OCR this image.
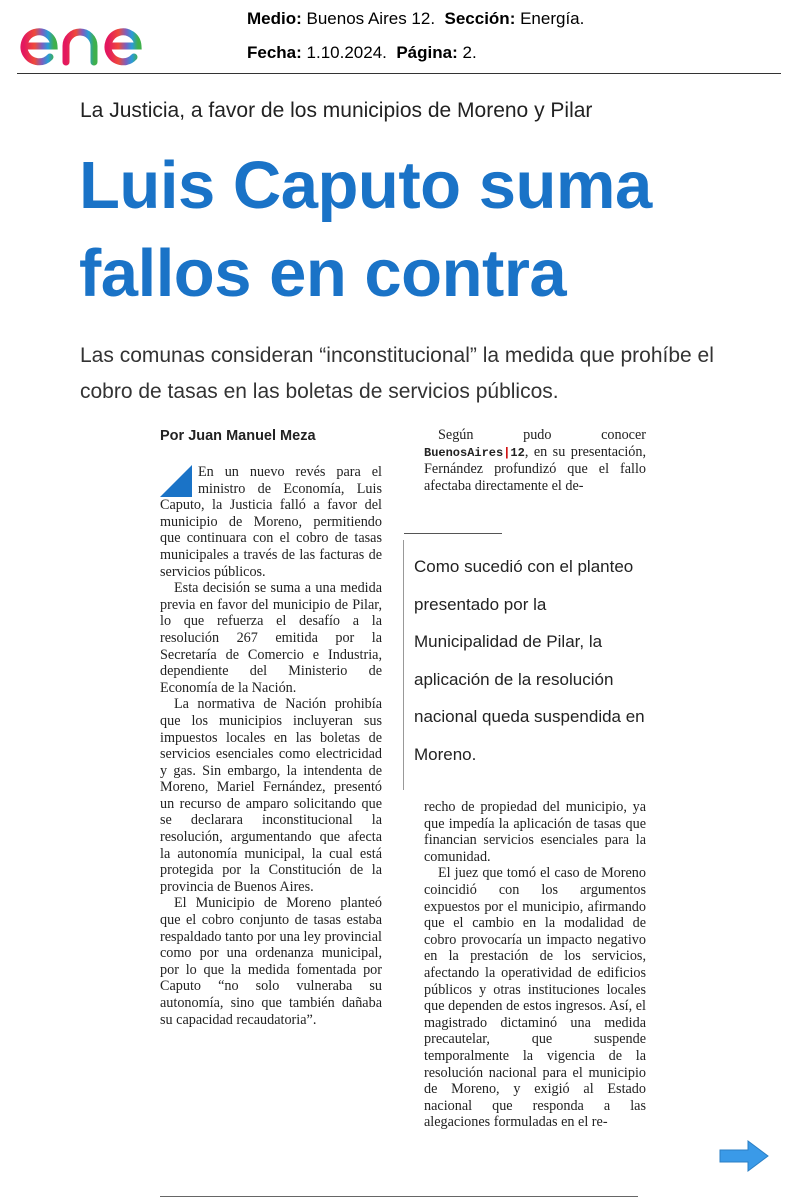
Medio: Buenos Aires 12. Sección: Energía.
Fecha: 1.10.2024. Página: 2.
La Justicia, a favor de los municipios de Moreno y Pilar
Luis Caputo suma fallos en contra
Las comunas consideran “inconstitucional” la medida que prohíbe el cobro de tasas en las boletas de servicios públicos.
Por Juan Manuel Meza

En un nuevo revés para el ministro de Economía, Luis Caputo, la Justicia falló a favor del municipio de Moreno, permitiendo que continuara con el cobro de tasas municipales a través de las facturas de servicios públicos.

Esta decisión se suma a una medida previa en favor del municipio de Pilar, lo que refuerza el desafío a la resolución 267 emitida por la Secretaría de Comercio e Industria, dependiente del Ministerio de Economía de la Nación.

La normativa de Nación prohibía que los municipios incluyeran sus impuestos locales en las boletas de servicios esenciales como electricidad y gas. Sin embargo, la intendenta de Moreno, Mariel Fernández, presentó un recurso de amparo solicitando que se declarara inconstitucional la resolución, argumentando que afecta la autonomía municipal, la cual está protegida por la Constitución de la provincia de Buenos Aires.

El Municipio de Moreno planteó que el cobro conjunto de tasas estaba respaldado tanto por una ley provincial como por una ordenanza municipal, por lo que la medida fomentada por Caputo “no solo vulneraba su autonomía, sino que también dañaba su capacidad recaudatoria”.

Según pudo conocer BuenosAires|12, en su presentación, Fernández profundizó que el fallo afectaba directamente el de-

Como sucedió con el planteo presentado por la Municipalidad de Pilar, la aplicación de la resolución nacional queda suspendida en Moreno.

recho de propiedad del municipio, ya que impedía la aplicación de tasas que financian servicios esenciales para la comunidad.

El juez que tomó el caso de Moreno coincidió con los argumentos expuestos por el municipio, afirmando que el cambio en la modalidad de cobro provocaría un impacto negativo en la prestación de los servicios, afectando la operatividad de edificios públicos y otras instituciones locales que dependen de estos ingresos. Así, el magistrado dictaminó una medida precautelar, que suspende temporalmente la vigencia de la resolución nacional para el municipio de Moreno, y exigió al Estado nacional que responda a las alegaciones formuladas en el re-
